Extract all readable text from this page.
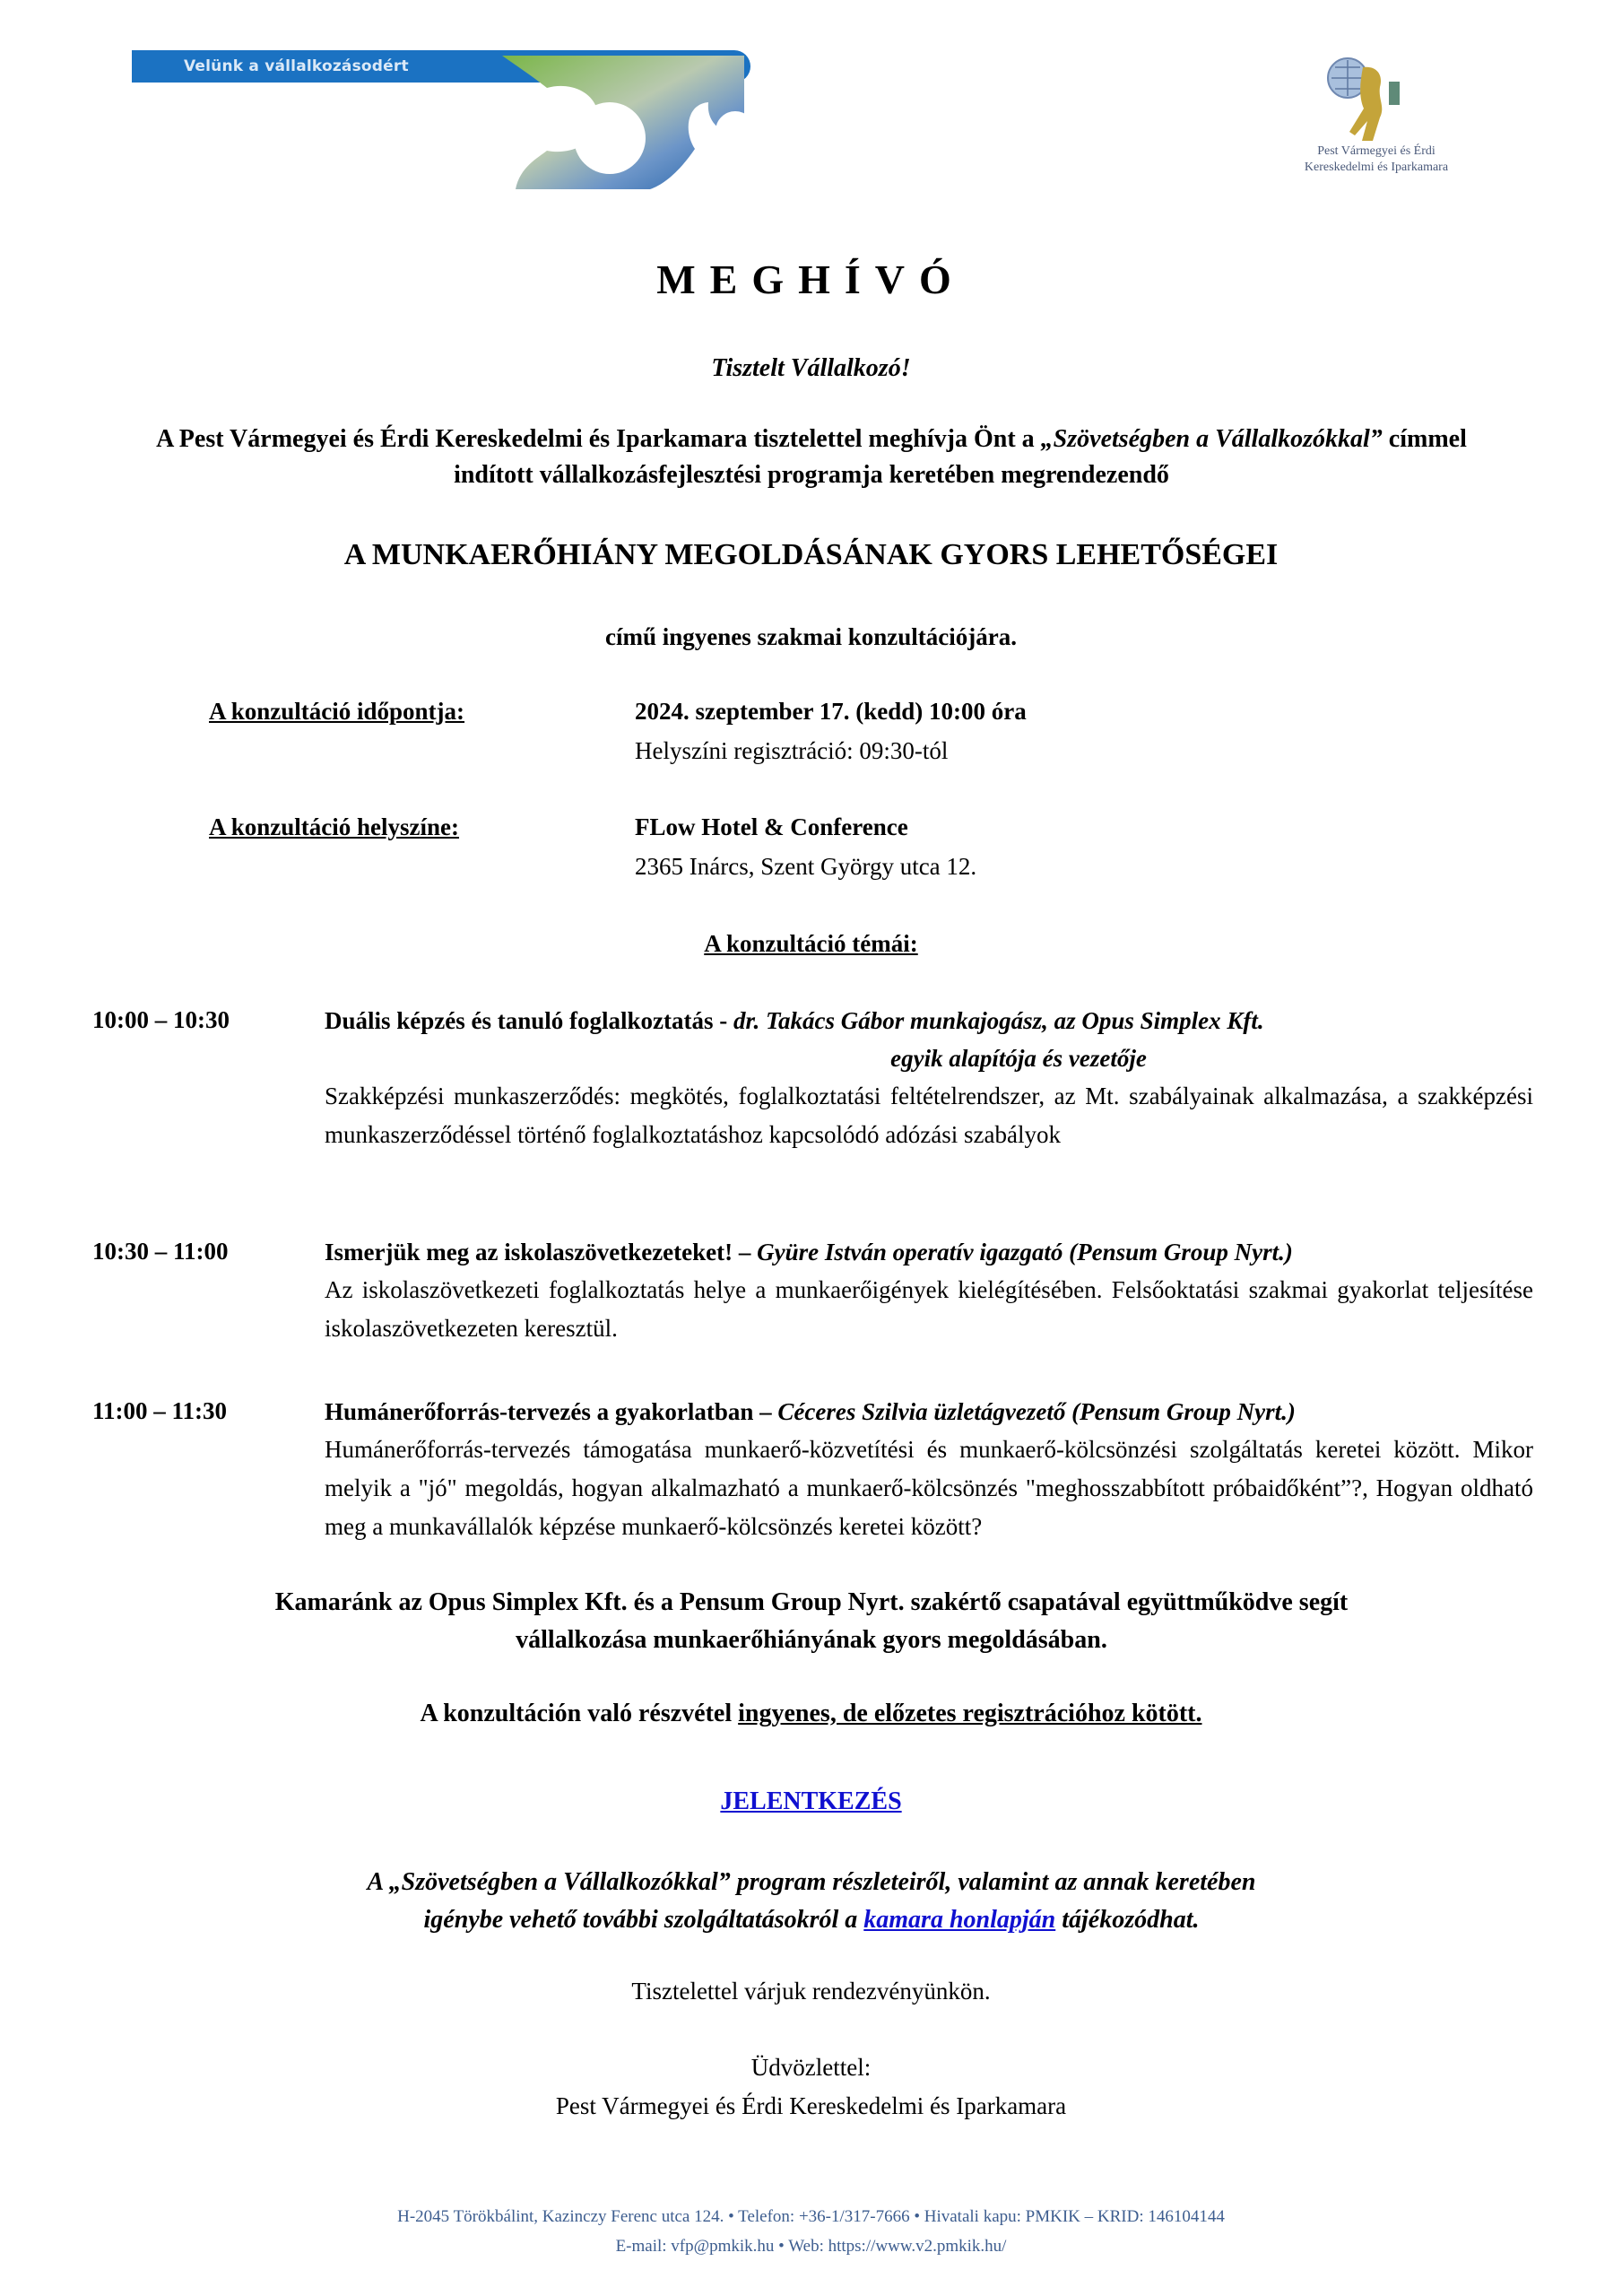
Velünk a vállalkozásodért
Pest Vármegyei és Érdi
Kereskedelmi és Iparkamara
MEGHÍVÓ
Tisztelt Vállalkozó!
A Pest Vármegyei és Érdi Kereskedelmi és Iparkamara tisztelettel meghívja Önt a „Szövetségben a Vállalkozókkal” címmel indított vállalkozásfejlesztési programja keretében megrendezendő
A MUNKAERŐHIÁNY MEGOLDÁSÁNAK GYORS LEHETŐSÉGEI
című ingyenes szakmai konzultációjára.
A konzultáció időpontja:	2024. szeptember 17. (kedd) 10:00 óra
Helyszíni regisztráció: 09:30-tól
A konzultáció helyszíne:	FLow Hotel & Conference
2365 Inárcs, Szent György utca 12.
A konzultáció témái:
10:00 – 10:30	Duális képzés és tanuló foglalkoztatás - dr. Takács Gábor munkajogász, az Opus Simplex Kft.
egyik alapítója és vezetője
Szakképzési munkaszerződés: megkötés, foglalkoztatási feltételrendszer, az Mt. szabályainak alkalmazása, a szakképzési munkaszerződéssel történő foglalkoztatáshoz kapcsolódó adózási szabályok
10:30 – 11:00	Ismerjük meg az iskolaszövetkezeteket! – Gyüre István operatív igazgató (Pensum Group Nyrt.)
Az iskolaszövetkezeti foglalkoztatás helye a munkaerőigények kielégítésében. Felsőoktatási szakmai gyakorlat teljesítése iskolaszövetkezeten keresztül.
11:00 – 11:30	Humánerőforrás-tervezés a gyakorlatban – Céceres Szilvia üzletágvezető (Pensum Group Nyrt.)
Humánerőforrás-tervezés támogatása munkaerő-közvetítési és munkaerő-kölcsönzési szolgáltatás keretei között. Mikor melyik a "jó" megoldás, hogyan alkalmazható a munkaerő-kölcsönzés "meghosszabbított próbaidőként”?, Hogyan oldható meg a munkavállalók képzése munkaerő-kölcsönzés keretei között?
Kamaránk az Opus Simplex Kft. és a Pensum Group Nyrt. szakértő csapatával együttműködve segít
vállalkozása munkaerőhiányának gyors megoldásában.
A konzultáción való részvétel ingyenes, de előzetes regisztrációhoz kötött.
JELENTKEZÉS
A „Szövetségben a Vállalkozókkal” program részleteiről, valamint az annak keretében
igénybe vehető további szolgáltatásokról a kamara honlapján tájékozódhat.
Tisztelettel várjuk rendezvényünkön.
Üdvözlettel:
Pest Vármegyei és Érdi Kereskedelmi és Iparkamara
H-2045 Törökbálint, Kazinczy Ferenc utca 124. • Telefon: +36-1/317-7666 • Hivatali kapu: PMKIK – KRID: 146104144
E-mail: vfp@pmkik.hu • Web: https://www.v2.pmkik.hu/
